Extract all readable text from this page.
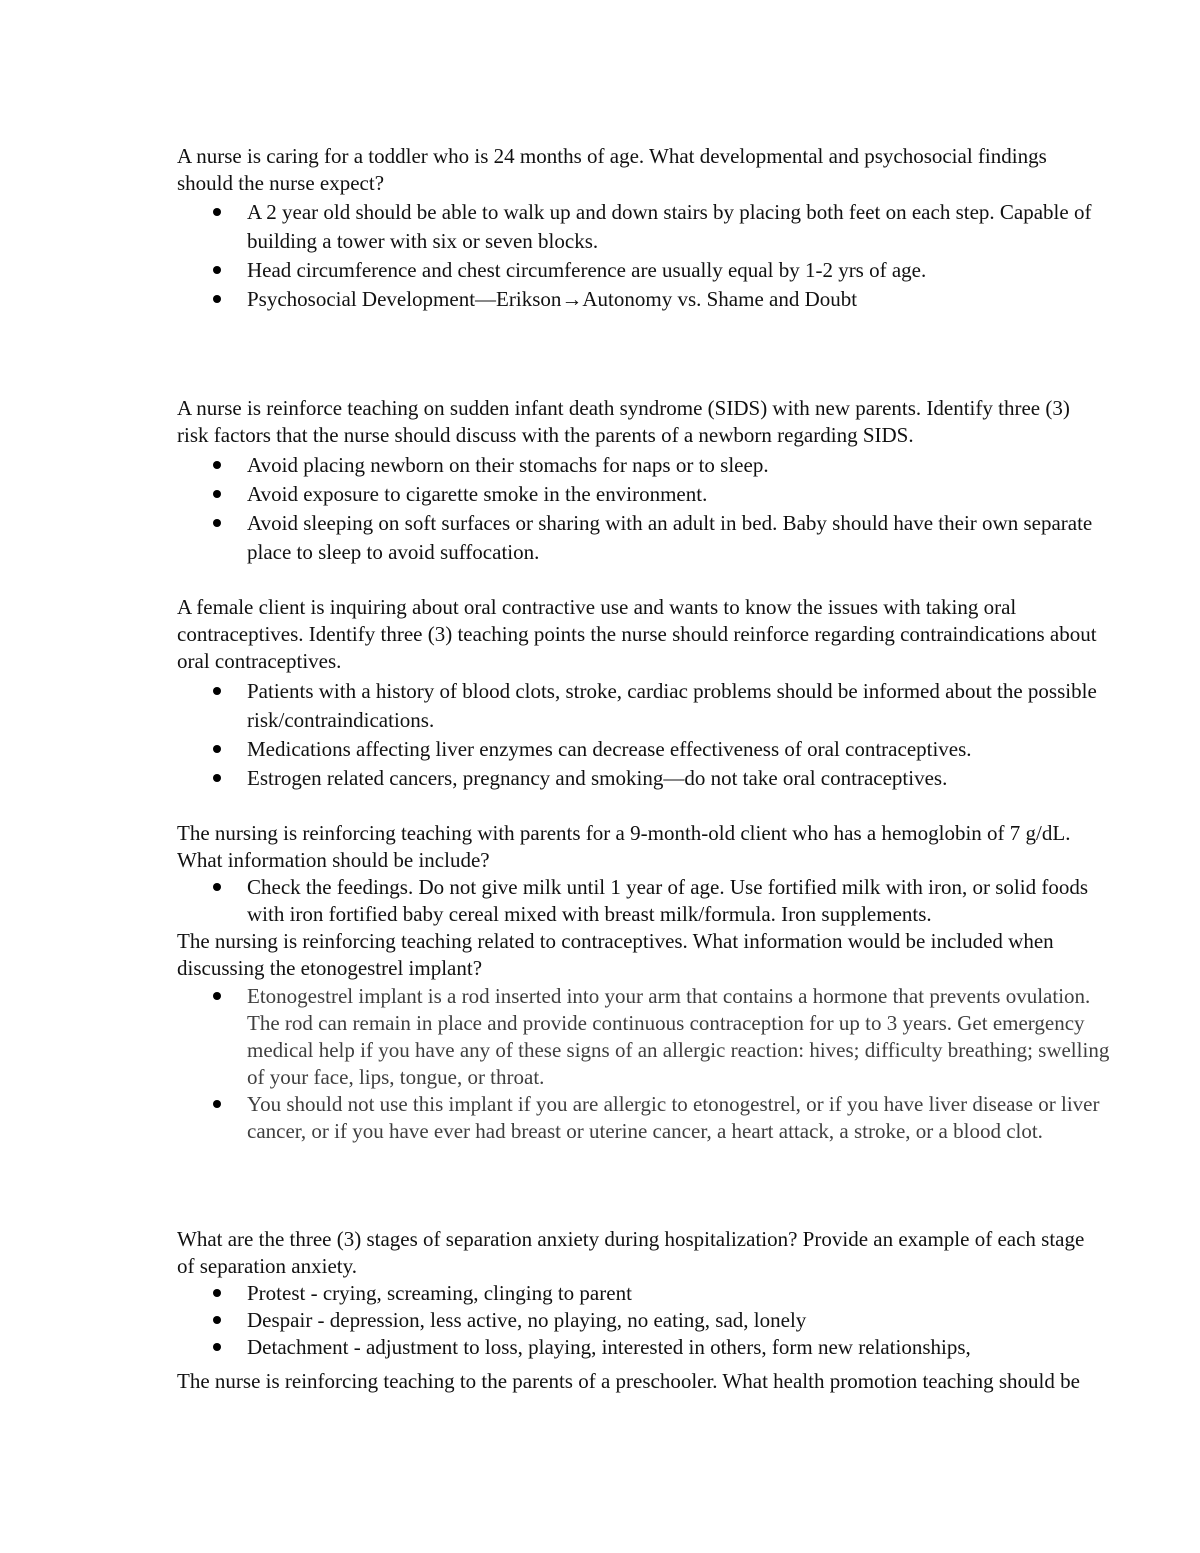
A nurse is caring for a toddler who is 24 months of age. What developmental and psychosocial findings
should the nurse expect?
A 2 year old should be able to walk up and down stairs by placing both feet on each step. Capable of
building a tower with six or seven blocks.
Head circumference and chest circumference are usually equal by 1-2 yrs of age.
Psychosocial Development—Erikson→Autonomy vs. Shame and Doubt
A nurse is reinforce teaching on sudden infant death syndrome (SIDS) with new parents. Identify three (3)
risk factors that the nurse should discuss with the parents of a newborn regarding SIDS.
Avoid placing newborn on their stomachs for naps or to sleep.
Avoid exposure to cigarette smoke in the environment.
Avoid sleeping on soft surfaces or sharing with an adult in bed. Baby should have their own separate
place to sleep to avoid suffocation.
A female client is inquiring about oral contractive use and wants to know the issues with taking oral
contraceptives. Identify three (3) teaching points the nurse should reinforce regarding contraindications about
oral contraceptives.
Patients with a history of blood clots, stroke, cardiac problems should be informed about the possible
risk/contraindications.
Medications affecting liver enzymes can decrease effectiveness of oral contraceptives.
Estrogen related cancers, pregnancy and smoking—do not take oral contraceptives.
The nursing is reinforcing teaching with parents for a 9-month-old client who has a hemoglobin of 7 g/dL.
What information should be include?
Check the feedings. Do not give milk until 1 year of age. Use fortified milk with iron, or solid foods
with iron fortified baby cereal mixed with breast milk/formula. Iron supplements.
The nursing is reinforcing teaching related to contraceptives. What information would be included when
discussing the etonogestrel implant?
Etonogestrel implant is a rod inserted into your arm that contains a hormone that prevents ovulation.
The rod can remain in place and provide continuous contraception for up to 3 years. Get emergency
medical help if you have any of these signs of an allergic reaction: hives; difficulty breathing; swelling
of your face, lips, tongue, or throat.
You should not use this implant if you are allergic to etonogestrel, or if you have liver disease or liver
cancer, or if you have ever had breast or uterine cancer, a heart attack, a stroke, or a blood clot.
What are the three (3) stages of separation anxiety during hospitalization? Provide an example of each stage
of separation anxiety.
Protest - crying, screaming, clinging to parent
Despair - depression, less active, no playing, no eating, sad, lonely
Detachment - adjustment to loss, playing, interested in others, form new relationships,
The nurse is reinforcing teaching to the parents of a preschooler. What health promotion teaching should be
